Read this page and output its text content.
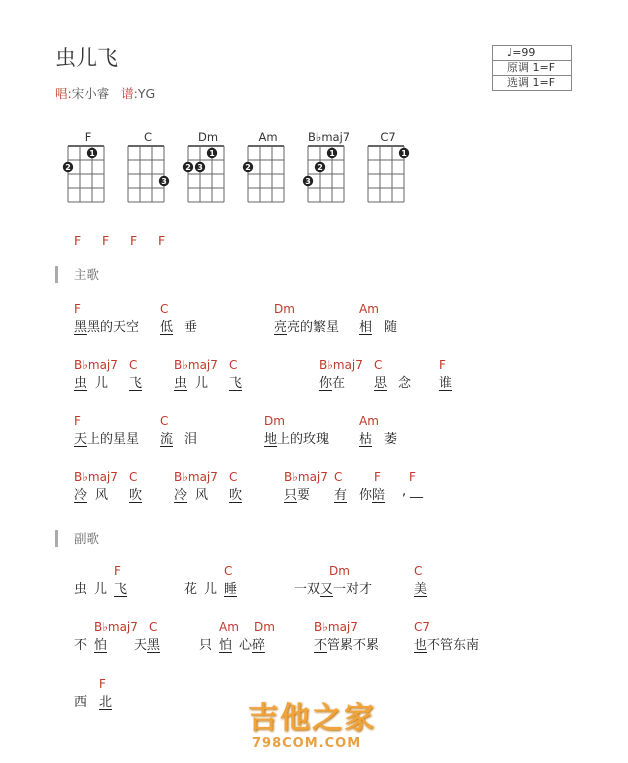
虫儿飞
唱:宋小睿 谱:YG
♩=99
原调 1=F
选调 1=F
F
2
1
C
3
Dm
2 3
1
Am
2
B♭maj7
3
2
1
C7
1
F F F F
主歌
F	C	Dm	Am
黑黑的天空 低 垂	亮亮的繁星 相 随
B♭maj7 C	B♭maj7 C	B♭maj7 C	F
虫 儿 飞 虫 儿 飞	你在 思 念 谁
F	C	Dm	Am
天上的星星 流 泪	地上的玫瑰 枯 萎
B♭maj7 C	B♭maj7 C	B♭maj7 C	F F
冷 风 吹 冷 风 吹	只要 有 你陪 , __
副歌
F	C	Dm	C
虫 儿 飞	花 儿 睡	一双又一对才	美
B♭maj7 C	Am Dm	B♭maj7	C7
不 怕 天黑	只 怕 心碎	不管累不累	也不管东南
F
西 北	吉他之家
798COM.COM
